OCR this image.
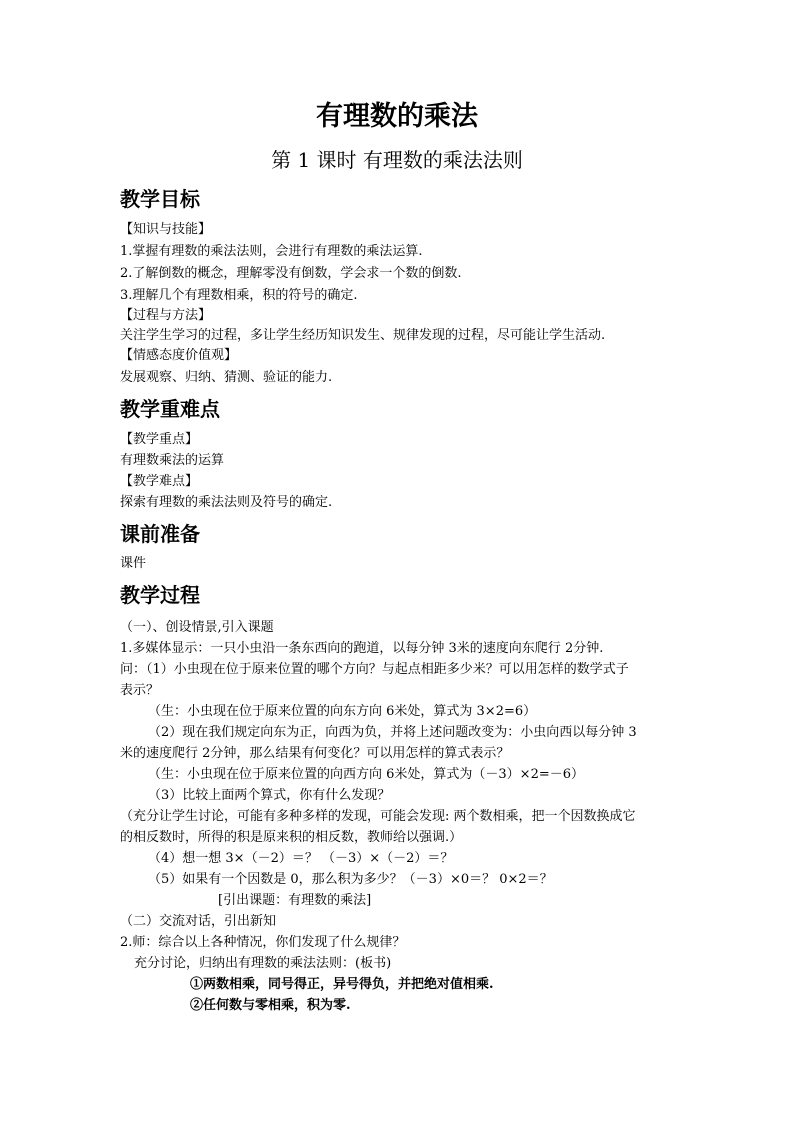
有理数的乘法
第 1 课时 有理数的乘法法则
教学目标
【知识与技能】
1.掌握有理数的乘法法则，会进行有理数的乘法运算.
2.了解倒数的概念，理解零没有倒数，学会求一个数的倒数.
3.理解几个有理数相乘，积的符号的确定.
【过程与方法】
关注学生学习的过程，多让学生经历知识发生、规律发现的过程，尽可能让学生活动.
【情感态度价值观】
发展观察、归纳、猜测、验证的能力.
教学重难点
【教学重点】
有理数乘法的运算
【教学难点】
探索有理数的乘法法则及符号的确定.
课前准备
课件
教学过程
（一）、创设情景,引入课题
1.多媒体显示：一只小虫沿一条东西向的跑道，以每分钟 3米的速度向东爬行 2分钟.
问：（1）小虫现在位于原来位置的哪个方向？与起点相距多少米？可以用怎样的数学式子
表示？
（生：小虫现在位于原来位置的向东方向 6米处，算式为 3×2=6）
（2）现在我们规定向东为正，向西为负，并将上述问题改变为：小虫向西以每分钟 3
米的速度爬行 2分钟，那么结果有何变化？可以用怎样的算式表示？
（生：小虫现在位于原来位置的向西方向 6米处，算式为（－3）×2=－6）
（3）比较上面两个算式，你有什么发现？
（充分让学生讨论，可能有多种多样的发现，可能会发现: 两个数相乘，把一个因数换成它
的相反数时，所得的积是原来积的相反数，教师给以强调.）
（4）想一想 3×（－2）＝？ （－3）×（－2）＝？
（5）如果有一个因数是 0，那么积为多少？（－3）×0＝？ 0×2＝？
[引出课题：有理数的乘法]
（二）交流对话，引出新知
2.师：综合以上各种情况，你们发现了什么规律？
充分讨论，归纳出有理数的乘法法则：(板书)
①两数相乘，同号得正，异号得负，并把绝对值相乘.
②任何数与零相乘，积为零.
